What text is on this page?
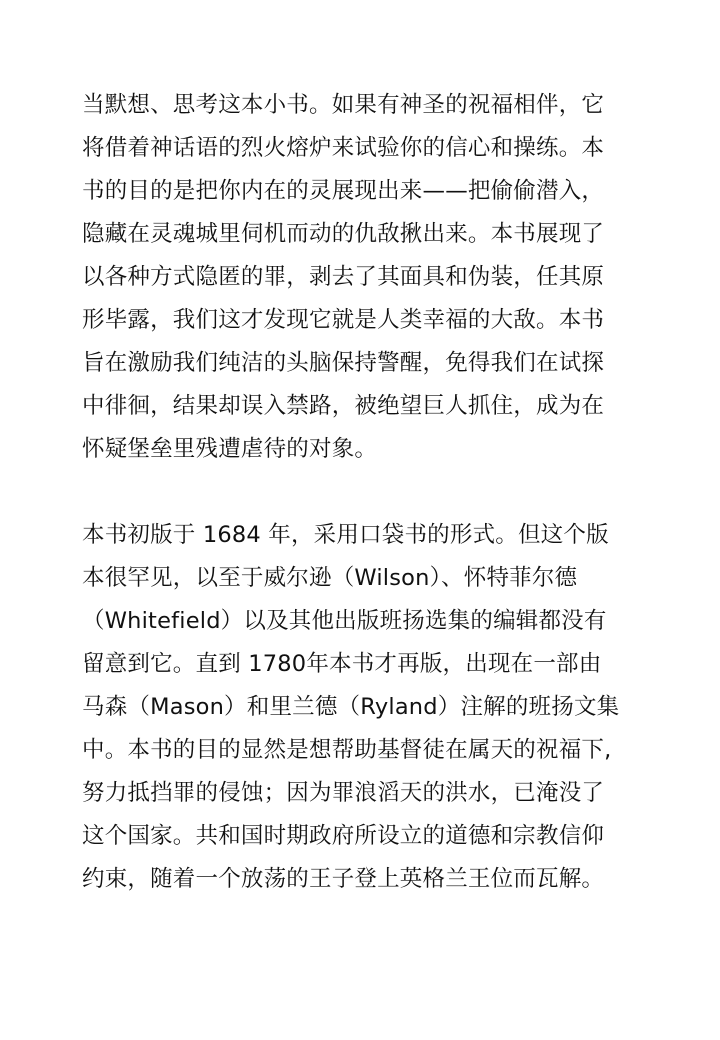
当默想、思考这本小书。如果有神圣的祝福相伴，它
将借着神话语的烈火熔炉来试验你的信心和操练。本
书的目的是把你内在的灵展现出来——把偷偷潜入，
隐藏在灵魂城里伺机而动的仇敌揪出来。本书展现了
以各种方式隐匿的罪，剥去了其面具和伪装，任其原
形毕露，我们这才发现它就是人类幸福的大敌。本书
旨在激励我们纯洁的头脑保持警醒，免得我们在试探
中徘徊，结果却误入禁路，被绝望巨人抓住，成为在
怀疑堡垒里残遭虐待的对象。
本书初版于 1684 年，采用口袋书的形式。但这个版
本很罕见，以至于威尔逊（Wilson）、怀特菲尔德
（Whitefield）以及其他出版班扬选集的编辑都没有
留意到它。直到 1780年本书才再版，出现在一部由
马森（Mason）和里兰德（Ryland）注解的班扬文集
中。本书的目的显然是想帮助基督徒在属天的祝福下,
努力抵挡罪的侵蚀；因为罪浪滔天的洪水，已淹没了
这个国家。共和国时期政府所设立的道德和宗教信仰
约束，随着一个放荡的王子登上英格兰王位而瓦解。
